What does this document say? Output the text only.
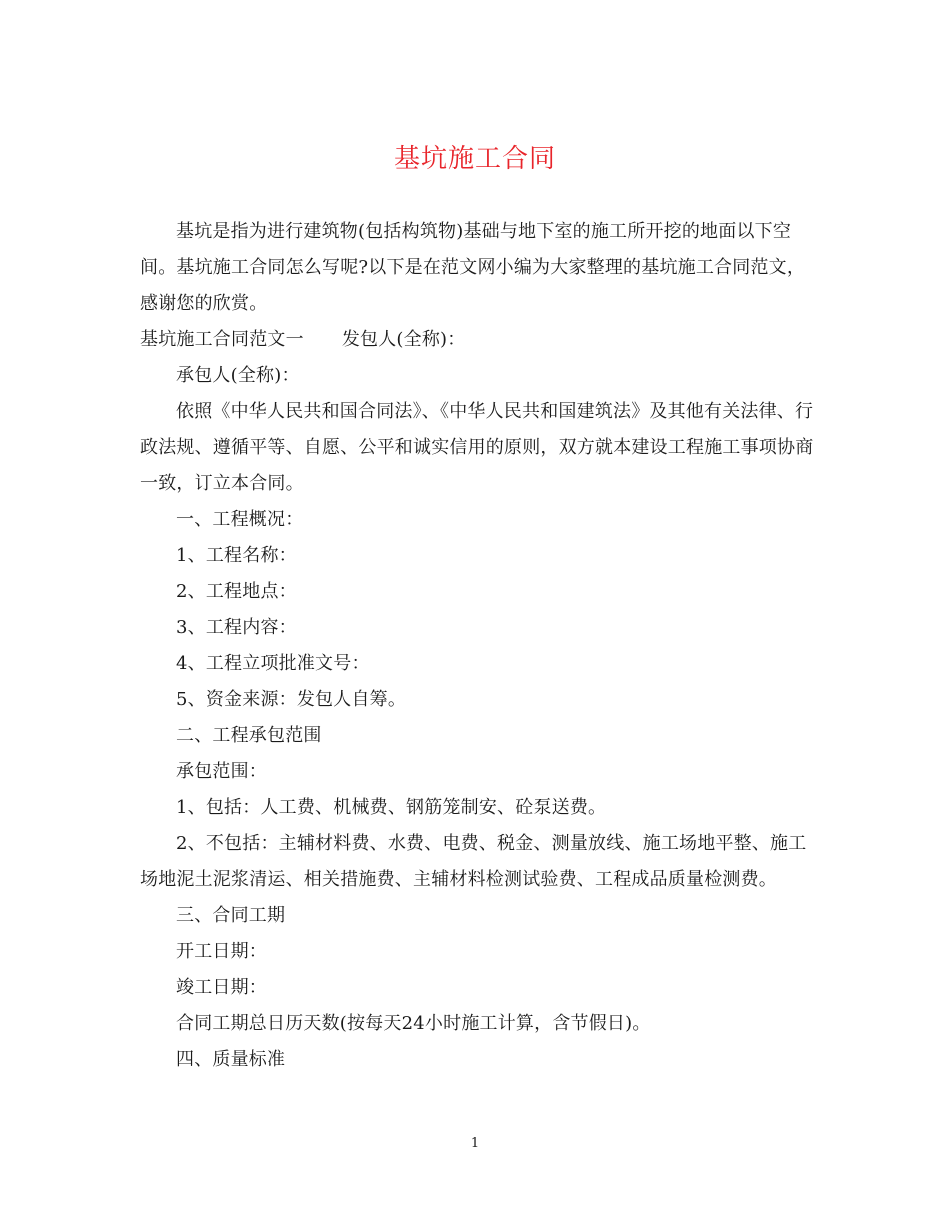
基坑施工合同

基坑是指为进行建筑物(包括构筑物)基础与地下室的施工所开挖的地面以下空间。基坑施工合同怎么写呢?以下是在范文网小编为大家整理的基坑施工合同范文，感谢您的欣赏。

基坑施工合同范文一 发包人(全称)：

承包人(全称)：

依照《中华人民共和国合同法》、《中华人民共和国建筑法》及其他有关法律、行政法规、遵循平等、自愿、公平和诚实信用的原则，双方就本建设工程施工事项协商一致，订立本合同。

一、工程概况：

1、工程名称：

2、工程地点：

3、工程内容：

4、工程立项批准文号：

5、资金来源：发包人自筹。

二、工程承包范围

承包范围：

1、包括：人工费、机械费、钢筋笼制安、砼泵送费。

2、不包括：主辅材料费、水费、电费、税金、测量放线、施工场地平整、施工场地泥土泥浆清运、相关措施费、主辅材料检测试验费、工程成品质量检测费。

三、合同工期

开工日期：

竣工日期：

合同工期总日历天数(按每天24小时施工计算，含节假日)。

四、质量标准

1
